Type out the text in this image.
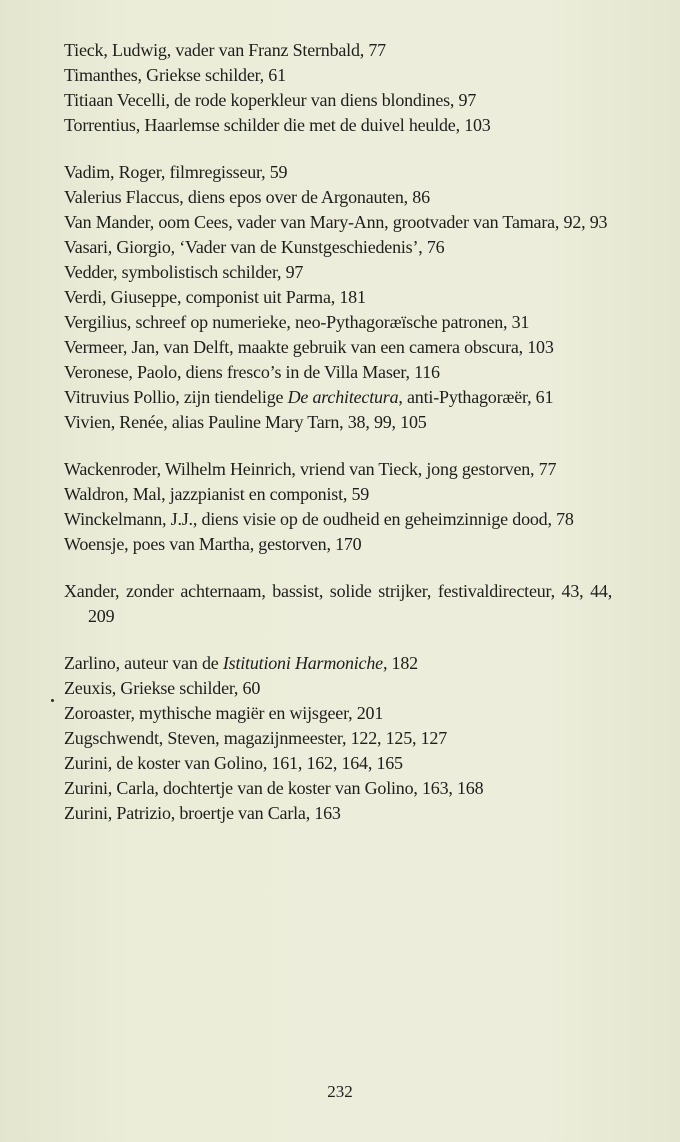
Tieck, Ludwig, vader van Franz Sternbald, 77
Timanthes, Griekse schilder, 61
Titiaan Vecelli, de rode koperkleur van diens blondines, 97
Torrentius, Haarlemse schilder die met de duivel heulde, 103
Vadim, Roger, filmregisseur, 59
Valerius Flaccus, diens epos over de Argonauten, 86
Van Mander, oom Cees, vader van Mary-Ann, grootvader van Tamara, 92, 93
Vasari, Giorgio, ‘Vader van de Kunstgeschiedenis’, 76
Vedder, symbolistisch schilder, 97
Verdi, Giuseppe, componist uit Parma, 181
Vergilius, schreef op numerieke, neo-Pythagoræïsche patronen, 31
Vermeer, Jan, van Delft, maakte gebruik van een camera obscura, 103
Veronese, Paolo, diens fresco’s in de Villa Maser, 116
Vitruvius Pollio, zijn tiendelige De architectura, anti-Pythagoræër, 61
Vivien, Renée, alias Pauline Mary Tarn, 38, 99, 105
Wackenroder, Wilhelm Heinrich, vriend van Tieck, jong gestorven, 77
Waldron, Mal, jazzpianist en componist, 59
Winckelmann, J.J., diens visie op de oudheid en geheimzinnige dood, 78
Woensje, poes van Martha, gestorven, 170
Xander, zonder achternaam, bassist, solide strijker, festivaldirecteur, 43, 44, 209
Zarlino, auteur van de Istitutioni Harmoniche, 182
Zeuxis, Griekse schilder, 60
Zoroaster, mythische magiër en wijsgeer, 201
Zugschwendt, Steven, magazijnmeester, 122, 125, 127
Zurini, de koster van Golino, 161, 162, 164, 165
Zurini, Carla, dochtertje van de koster van Golino, 163, 168
Zurini, Patrizio, broertje van Carla, 163
232
